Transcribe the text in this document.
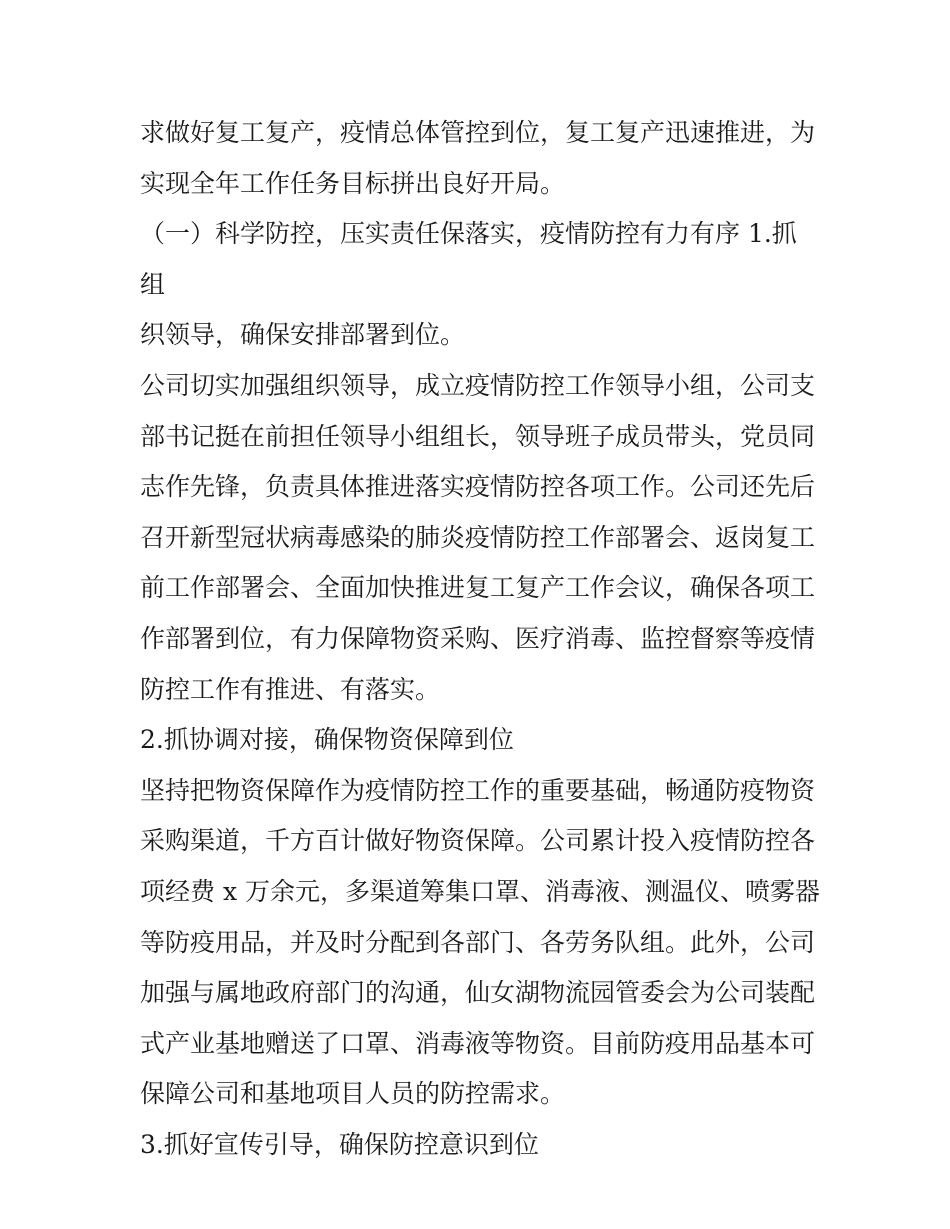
求做好复工复产，疫情总体管控到位，复工复产迅速推进，为
实现全年工作任务目标拼出良好开局。

（一）科学防控，压实责任保落实，疫情防控有力有序 1.抓组
织领导，确保安排部署到位。

公司切实加强组织领导，成立疫情防控工作领导小组，公司支
部书记挺在前担任领导小组组长，领导班子成员带头，党员同
志作先锋，负责具体推进落实疫情防控各项工作。公司还先后
召开新型冠状病毒感染的肺炎疫情防控工作部署会、返岗复工
前工作部署会、全面加快推进复工复产工作会议，确保各项工
作部署到位，有力保障物资采购、医疗消毒、监控督察等疫情
防控工作有推进、有落实。

2.抓协调对接，确保物资保障到位

坚持把物资保障作为疫情防控工作的重要基础，畅通防疫物资
采购渠道，千方百计做好物资保障。公司累计投入疫情防控各
项经费 x 万余元，多渠道筹集口罩、消毒液、测温仪、喷雾器
等防疫用品，并及时分配到各部门、各劳务队组。此外，公司
加强与属地政府部门的沟通，仙女湖物流园管委会为公司装配
式产业基地赠送了口罩、消毒液等物资。目前防疫用品基本可
保障公司和基地项目人员的防控需求。

3.抓好宣传引导，确保防控意识到位
